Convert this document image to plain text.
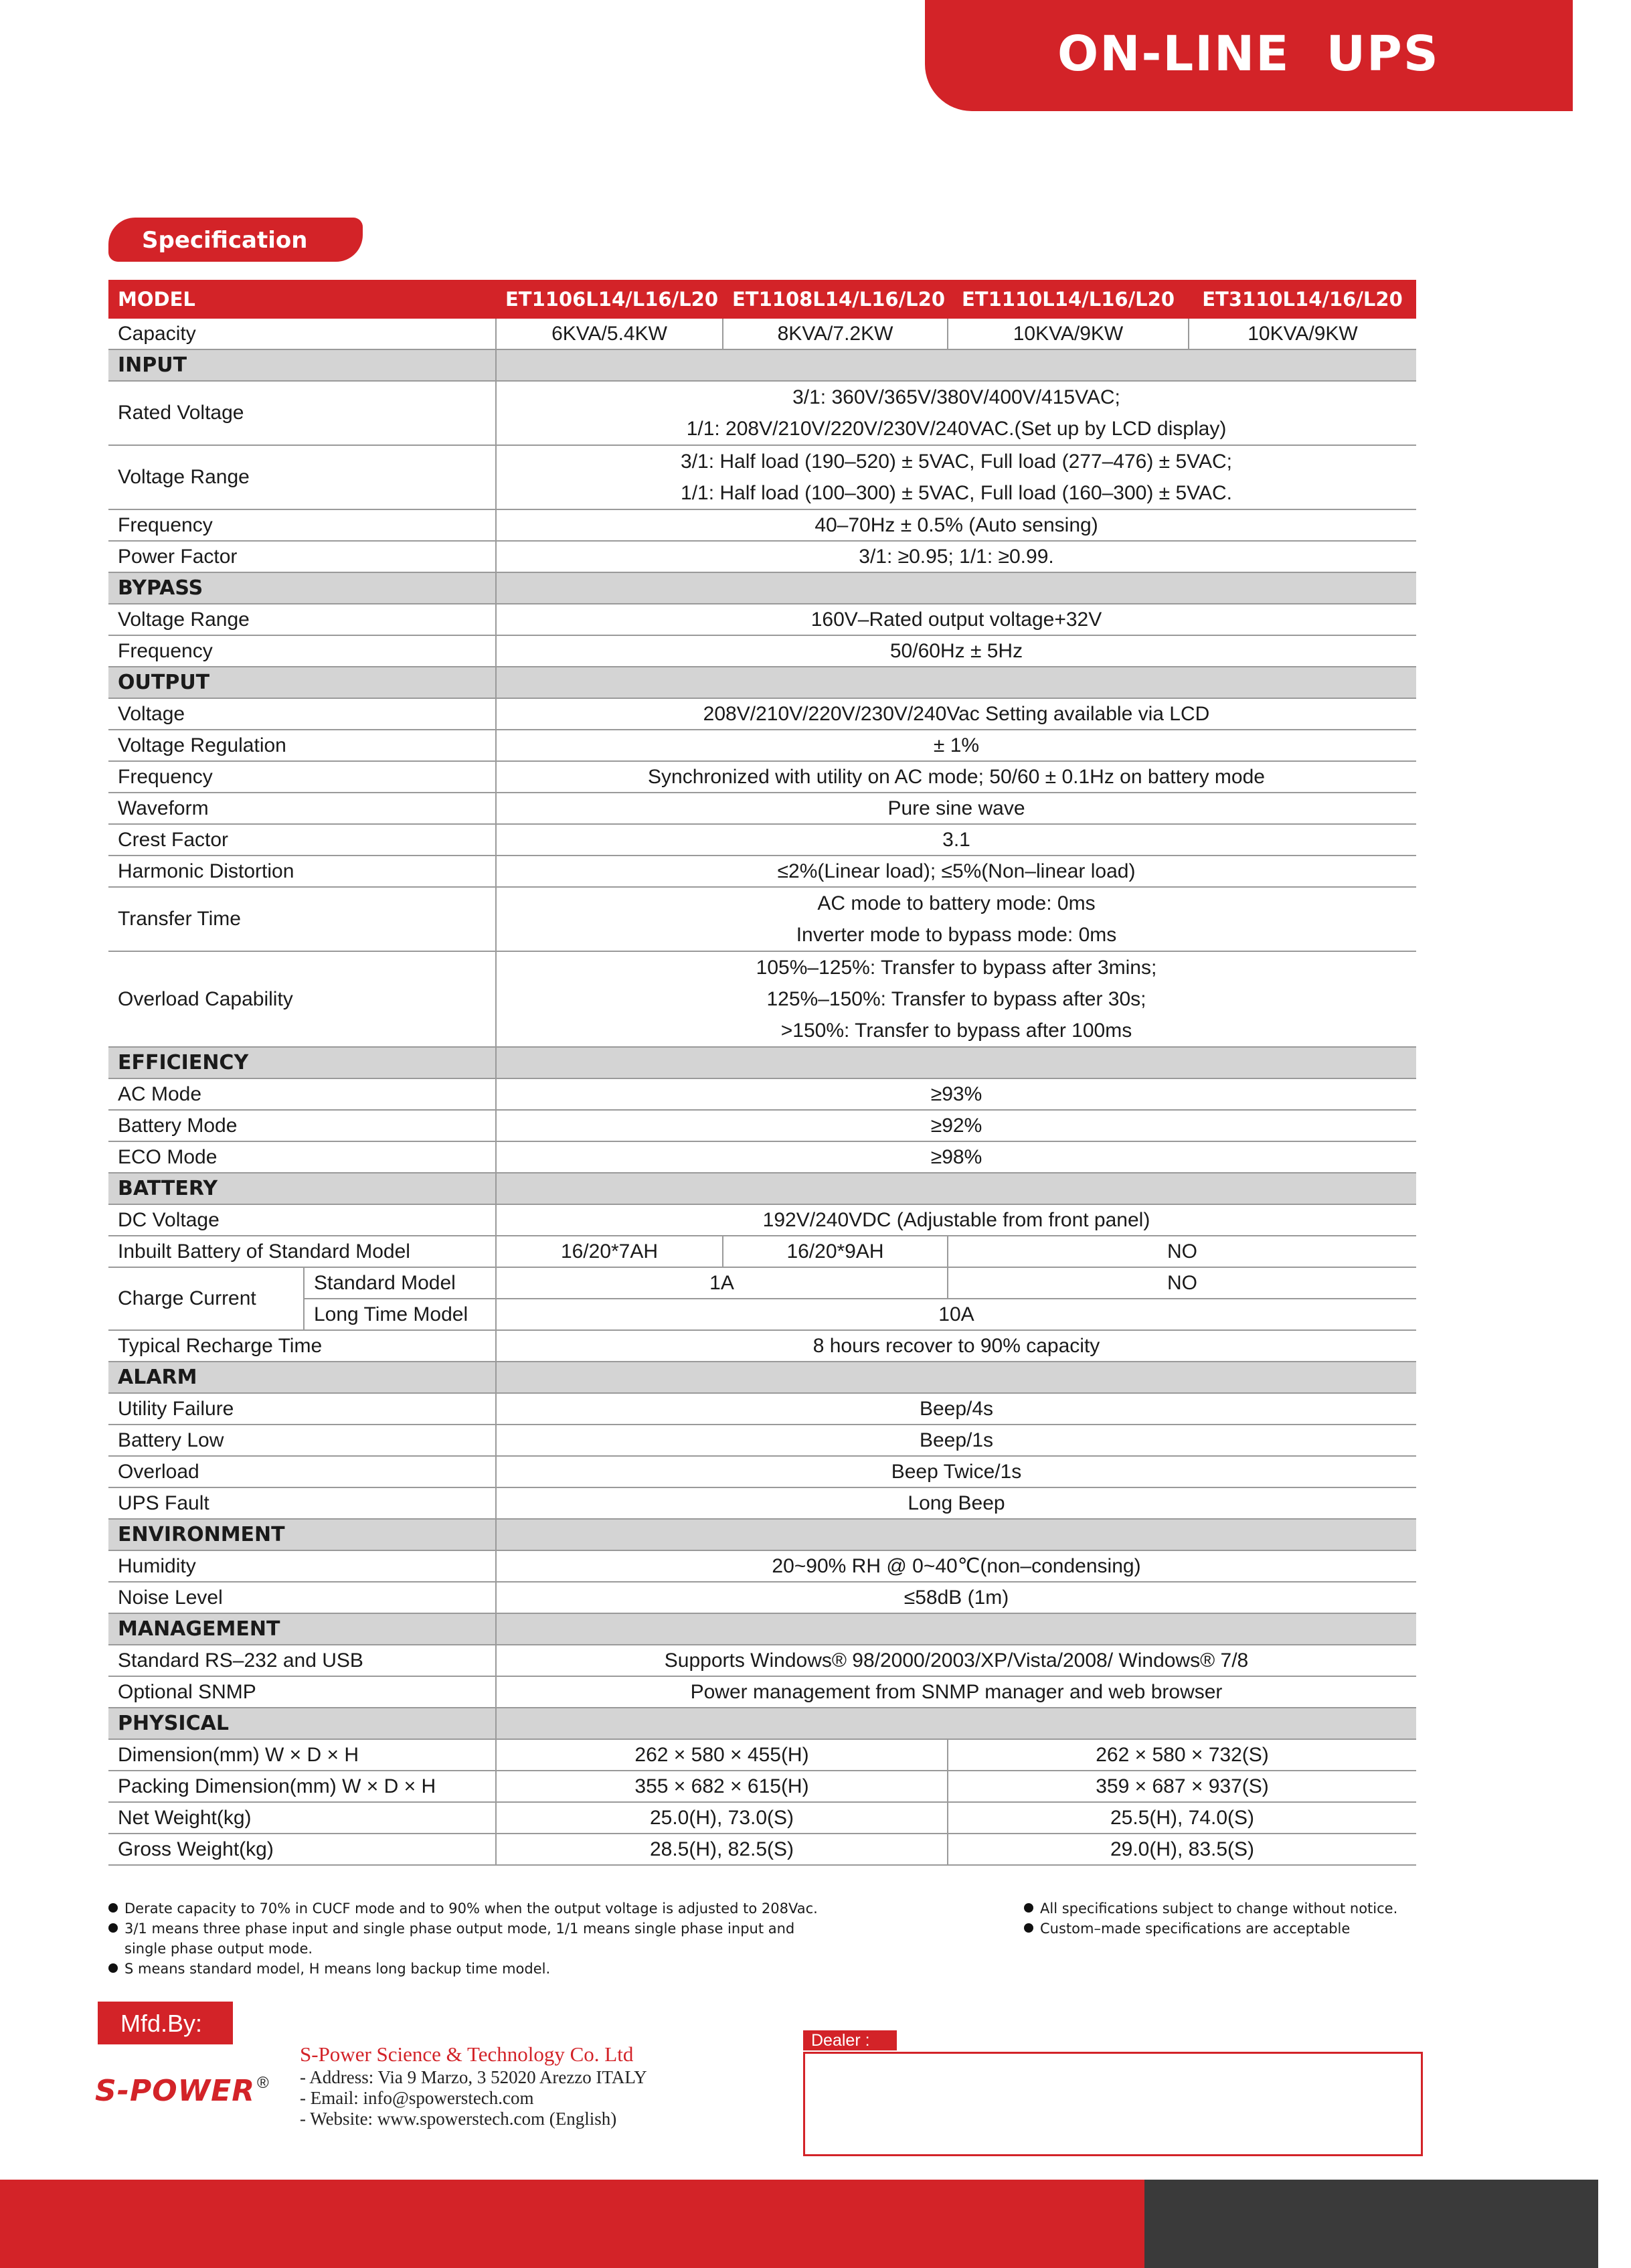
ON-LINE  UPS
Specification
MODEL		ET1106L14/L16/L20	ET1108L14/L16/L20	ET1110L14/L16/L20	ET3110L14/16/L20
Capacity		6KVA/5.4KW	8KVA/7.2KW	10KVA/9KW	10KVA/9KW
INPUT					
Rated Voltage		3/1: 360V/365V/380V/400V/415VAC;
1/1: 208V/210V/220V/230V/240VAC.(Set up by LCD display)			

Voltage Range		3/1: Half load (190–520) ± 5VAC, Full load (277–476) ± 5VAC;
1/1: Half load (100–300) ± 5VAC, Full load (160–300) ± 5VAC.			

Frequency		40–70Hz ± 0.5% (Auto sensing)			
Power Factor		3/1: ≥0.95; 1/1: ≥0.99.			
BYPASS					
Voltage Range		160V–Rated output voltage+32V			
Frequency		50/60Hz ± 5Hz			
OUTPUT					
Voltage		208V/210V/220V/230V/240Vac Setting available via LCD			
Voltage Regulation		± 1%			
Frequency		Synchronized with utility on AC mode; 50/60 ± 0.1Hz on battery mode			
Waveform		Pure sine wave			
Crest Factor		3.1			
Harmonic Distortion		≤2%(Linear load); ≤5%(Non–linear load)			
Transfer Time		AC mode to battery mode: 0ms
Inverter mode to bypass mode: 0ms			

Overload Capability		105%–125%: Transfer to bypass after 3mins;
125%–150%: Transfer to bypass after 30s;
>150%: Transfer to bypass after 100ms			

EFFICIENCY					
AC Mode		≥93%			
Battery Mode		≥92%			
ECO Mode		≥98%			
BATTERY					
DC Voltage		192V/240VDC (Adjustable from front panel)			
Inbuilt Battery of Standard Model		16/20*7AH	16/20*9AH	NO	
Charge Current	Standard Model	1A		NO	
	Long Time Model	10A			
Typical Recharge Time		8 hours recover to 90% capacity			
ALARM					
Utility Failure		Beep/4s			
Battery Low		Beep/1s			
Overload		Beep Twice/1s			
UPS Fault		Long Beep			
ENVIRONMENT					
Humidity		20~90% RH @ 0~40℃(non–condensing)			
Noise Level		≤58dB (1m)			
MANAGEMENT					
Standard RS–232 and USB		Supports Windows® 98/2000/2003/XP/Vista/2008/ Windows® 7/8			
Optional SNMP		Power management from SNMP manager and web browser			
PHYSICAL					
Dimension(mm) W × D × H		262 × 580 × 455(H)		262 × 580 × 732(S)	
Packing Dimension(mm) W × D × H		355 × 682 × 615(H)		359 × 687 × 937(S)	
Net Weight(kg)		25.0(H), 73.0(S)		25.5(H), 74.0(S)	
Gross Weight(kg)		28.5(H), 82.5(S)		29.0(H), 83.5(S)	
Derate capacity to 70% in CUCF mode and to 90% when the output voltage is adjusted to 208Vac.
3/1 means three phase input and single phase output mode, 1/1 means single phase input and
single phase output mode.
S means standard model, H means long backup time model.
All specifications subject to change without notice.
Custom–made specifications are acceptable
Mfd.By:
S-POWER ®
S-Power Science & Technology Co. Ltd
- Address: Via 9 Marzo, 3 52020 Arezzo ITALY
- Email: info@spowerstech.com
- Website: www.spowerstech.com (English)
Dealer :
